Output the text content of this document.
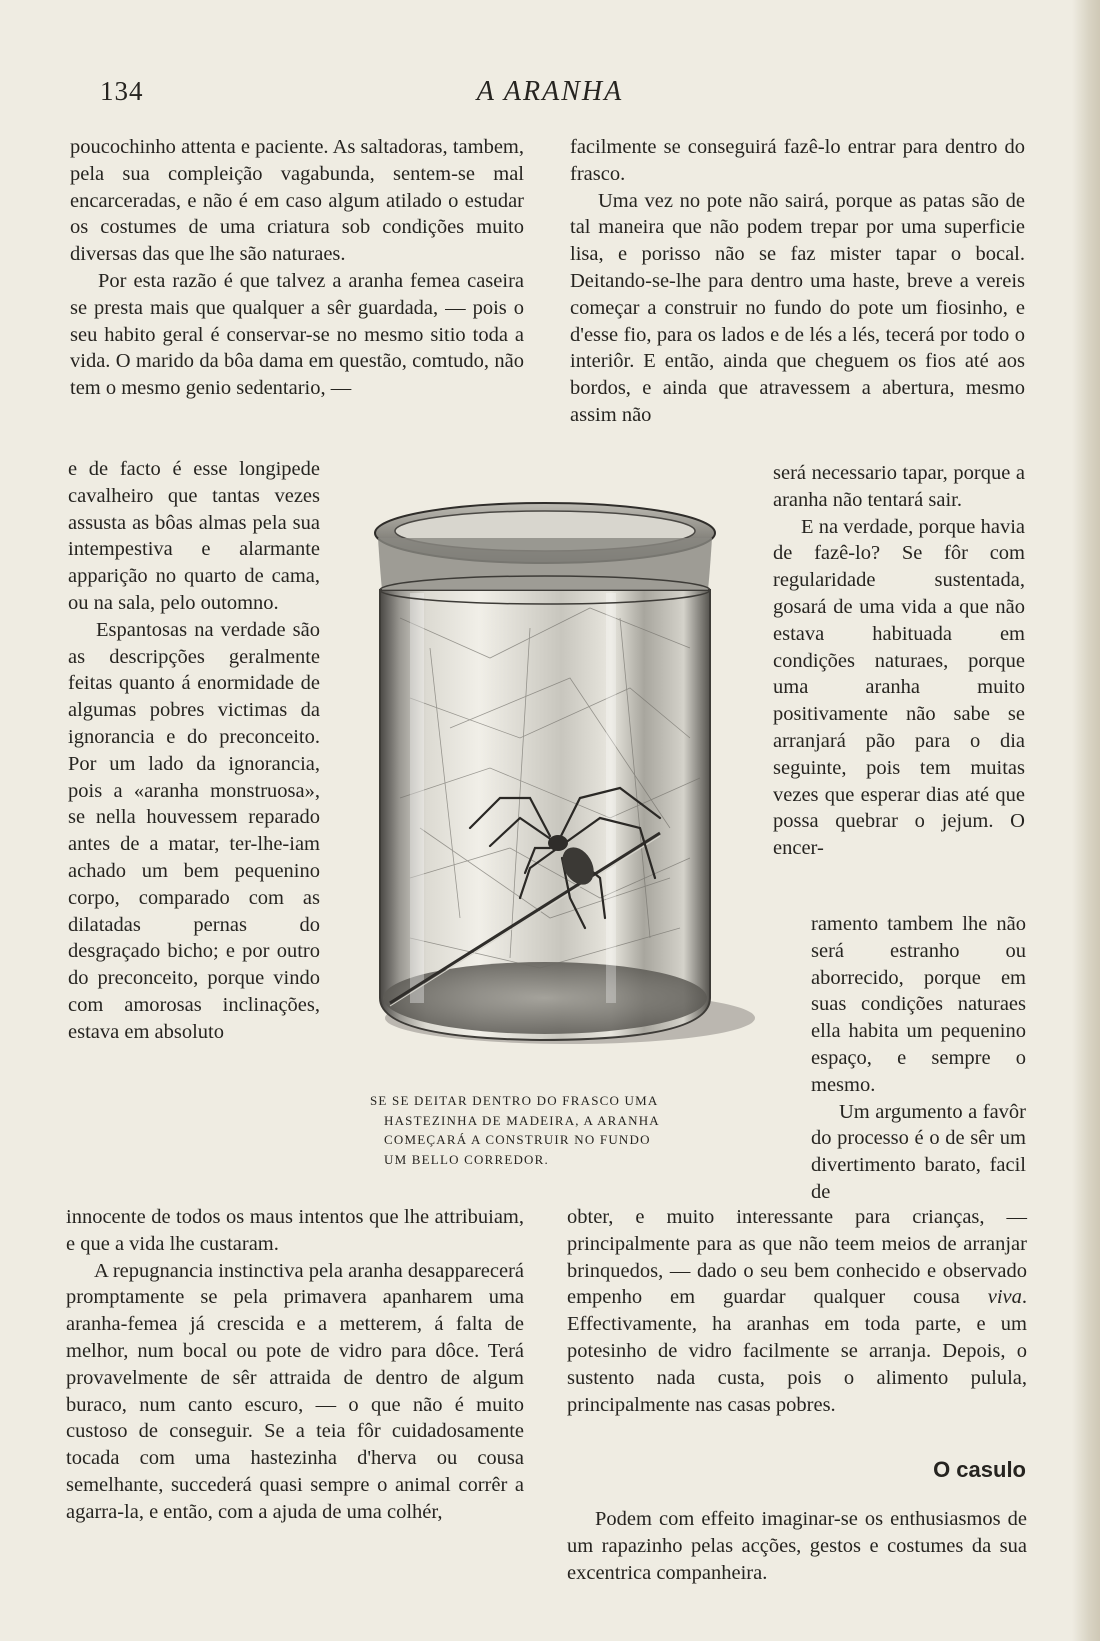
134	A ARANHA

poucochinho attenta e paciente. As saltadoras, tambem, pela sua compleição vagabunda, sentem-se mal encarceradas, e não é em caso algum atilado o estudar os costumes de uma criatura sob condições muito diversas das que lhe são naturaes.

Por esta razão é que talvez a aranha femea caseira se presta mais que qualquer a sêr guardada, — pois o seu habito geral é conservar-se no mesmo sitio toda a vida. O marido da bôa dama em questão, comtudo, não tem o mesmo genio sedentario, —

e de facto é esse longipede cavalheiro que tantas vezes assusta as bôas almas pela sua intempestiva e alarmante apparição no quarto de cama, ou na sala, pelo outomno.

Espantosas na verdade são as descripções geralmente feitas quanto á enormidade de algumas pobres victimas da ignorancia e do preconceito. Por um lado da ignorancia, pois a «aranha monstruosa», se nella houvessem reparado antes de a matar, ter-lhe-iam achado um bem pequenino corpo, comparado com as dilatadas pernas do desgraçado bicho; e por outro do preconceito, porque vindo com amorosas inclinações, estava em absoluto

innocente de todos os maus intentos que lhe attribuiam, e que a vida lhe custaram.

A repugnancia instinctiva pela aranha desapparecerá promptamente se pela primavera apanharem uma aranha-femea já crescida e a metterem, á falta de melhor, num bocal ou pote de vidro para dôce. Terá provavelmente de sêr attraida de dentro de algum buraco, num canto escuro, — o que não é muito custoso de conseguir. Se a teia fôr cuidadosamente tocada com uma hastezinha d'herva ou cousa semelhante, succederá quasi sempre o animal corrêr a agarra-la, e então, com a ajuda de uma colhér,

facilmente se conseguirá fazê-lo entrar para dentro do frasco.

Uma vez no pote não sairá, porque as patas são de tal maneira que não podem trepar por uma superficie lisa, e porisso não se faz mister tapar o bocal. Deitando-se-lhe para dentro uma haste, breve a vereis começar a construir no fundo do pote um fiosinho, e d'esse fio, para os lados e de lés a lés, tecerá por todo o interiôr. E então, ainda que cheguem os fios até aos bordos, e ainda que atravessem a abertura, mesmo assim não

será necessario tapar, porque a aranha não tentará sair.

E na verdade, porque havia de fazê-lo? Se fôr com regularidade sustentada, gosará de uma vida a que não estava habituada em condições naturaes, porque uma aranha muito positivamente não sabe se arranjará pão para o dia seguinte, pois tem muitas vezes que esperar dias até que possa quebrar o jejum. O encer-

ramento tambem lhe não será estranho ou aborrecido, porque em suas condições naturaes ella habita um pequenino espaço, e sempre o mesmo.

Um argumento a favôr do processo é o de sêr um divertimento barato, facil de

obter, e muito interessante para crianças, — principalmente para as que não teem meios de arranjar brinquedos, — dado o seu bem conhecido e observado empenho em guardar qualquer cousa viva. Effectivamente, ha aranhas em toda parte, e um potesinho de vidro facilmente se arranja. Depois, o sustento nada custa, pois o alimento pulula, principalmente nas casas pobres.

O casulo

Podem com effeito imaginar-se os enthusiasmos de um rapazinho pelas acções, gestos e costumes da sua excentrica companheira.

SE SE DEITAR DENTRO DO FRASCO UMA
HASTEZINHA DE MADEIRA, A ARANHA
COMEÇARÁ A CONSTRUIR NO FUNDO
UM BELLO CORREDOR.
